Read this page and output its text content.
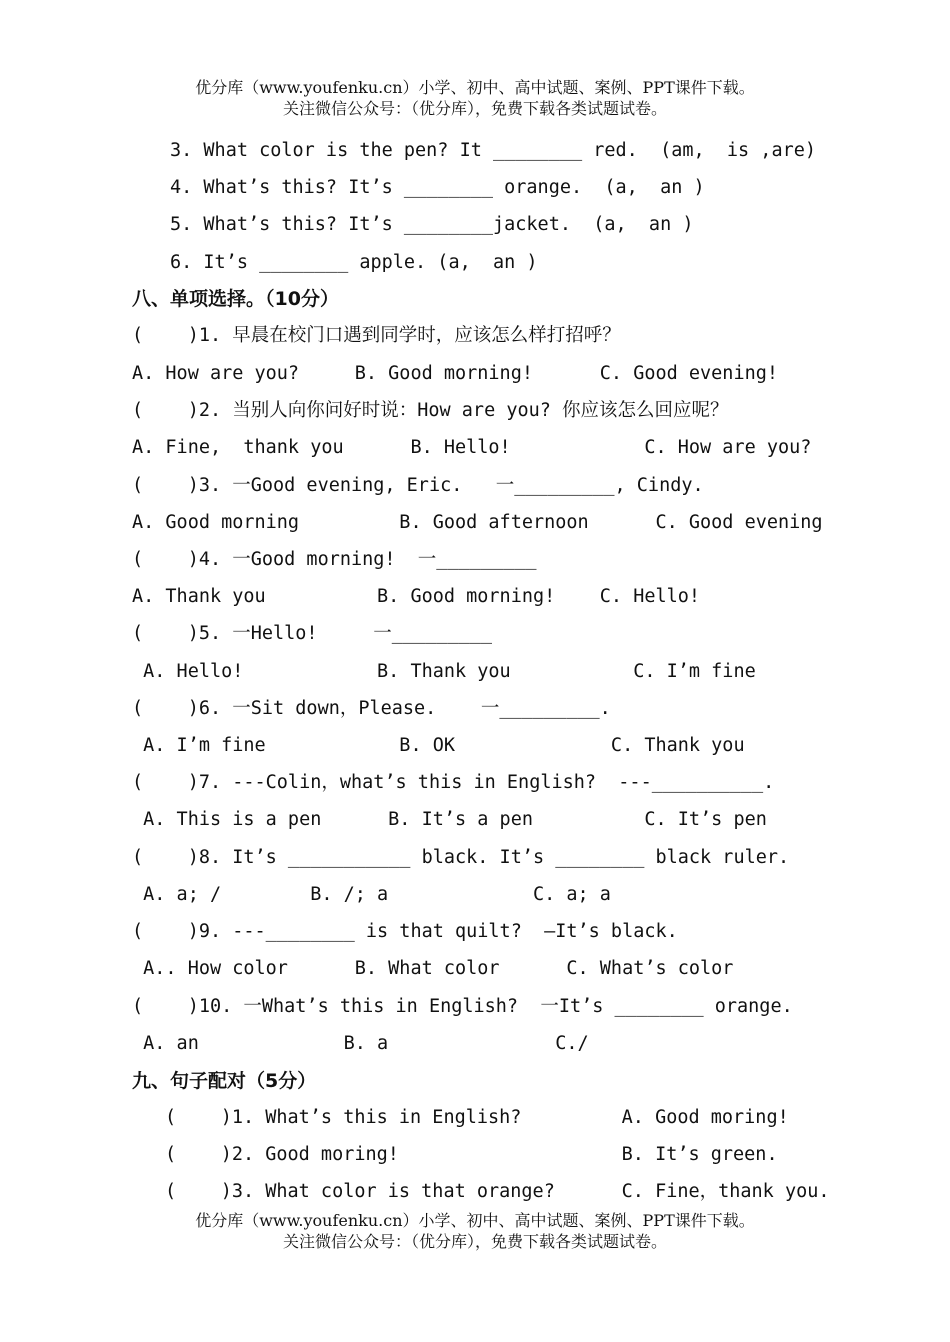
优分库（www.youfenku.cn）小学、初中、高中试题、案例、PPT课件下载。
关注微信公众号：（优分库），免费下载各类试题试卷。
3. What color is the pen? It ________ red.  (am,  is ,are)
4. What’s this? It’s ________ orange.  (a,  an )
5. What’s this? It’s ________jacket.  (a,  an )
6. It’s ________ apple. (a,  an )
八、单项选择。（10分）
(    )1. 早晨在校门口遇到同学时，应该怎么样打招呼？
A. How are you?     B. Good morning!      C. Good evening!
(    )2. 当别人向你问好时说：How are you? 你应该怎么回应呢？
A. Fine,  thank you      B. Hello!            C. How are you?
(    )3. 一Good evening, Eric.   一_________, Cindy.
A. Good morning         B. Good afternoon      C. Good evening
(    )4. 一Good morning!  一_________
A. Thank you          B. Good morning!    C. Hello!
(    )5. 一Hello!     一_________
A. Hello!            B. Thank you           C. I’m fine
(    )6. 一Sit down，Please.    一_________.
A. I’m fine            B. OK              C. Thank you
(    )7. ---Colin，what’s this in English?  ---__________.
A. This is a pen      B. It’s a pen          C. It’s pen
(    )8. It’s ___________ black. It’s ________ black ruler.
A. a; /        B. /; a             C. a; a
(    )9. ---________ is that quilt?  —It’s black.
A.. How color      B. What color      C. What’s color
(    )10. 一What’s this in English?  一It’s ________ orange.
A. an             B. a               C./
九、句子配对（5分）
(    )1. What’s this in English?         A. Good moring!
(    )2. Good moring!                    B. It’s green.
(    )3. What color is that orange?      C. Fine，thank you.
优分库（www.youfenku.cn）小学、初中、高中试题、案例、PPT课件下载。
关注微信公众号：（优分库），免费下载各类试题试卷。
